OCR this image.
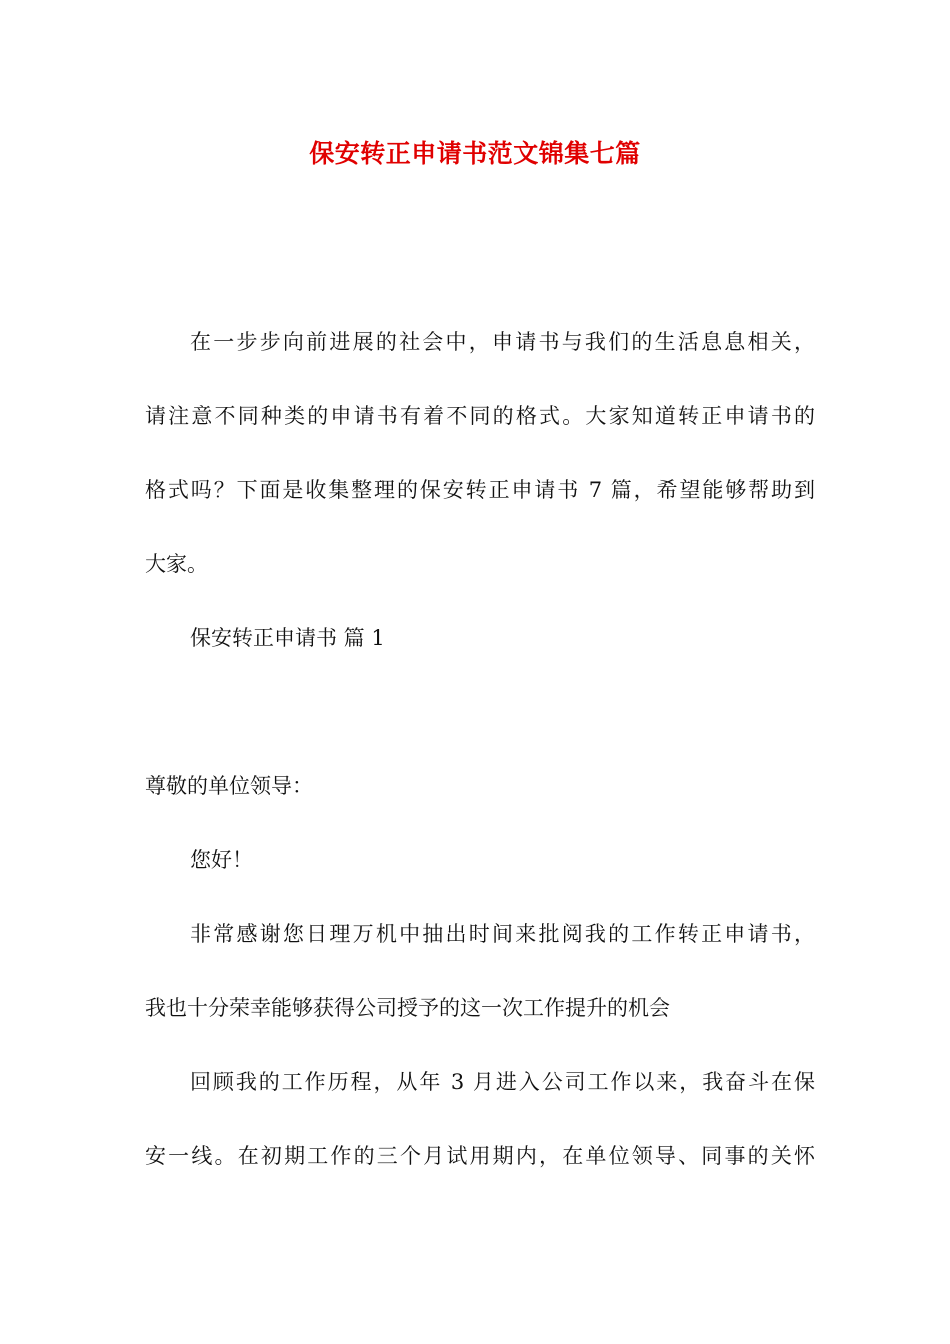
保安转正申请书范文锦集七篇
在一步步向前进展的社会中，申请书与我们的生活息息相关，
请注意不同种类的申请书有着不同的格式。大家知道转正申请书的
格式吗？下面是收集整理的保安转正申请书 7 篇，希望能够帮助到
大家。
保安转正申请书 篇 1
尊敬的单位领导：
您好！
非常感谢您日理万机中抽出时间来批阅我的工作转正申请书，
我也十分荣幸能够获得公司授予的这一次工作提升的机会
回顾我的工作历程，从年 3 月进入公司工作以来，我奋斗在保
安一线。在初期工作的三个月试用期内，在单位领导、同事的关怀
